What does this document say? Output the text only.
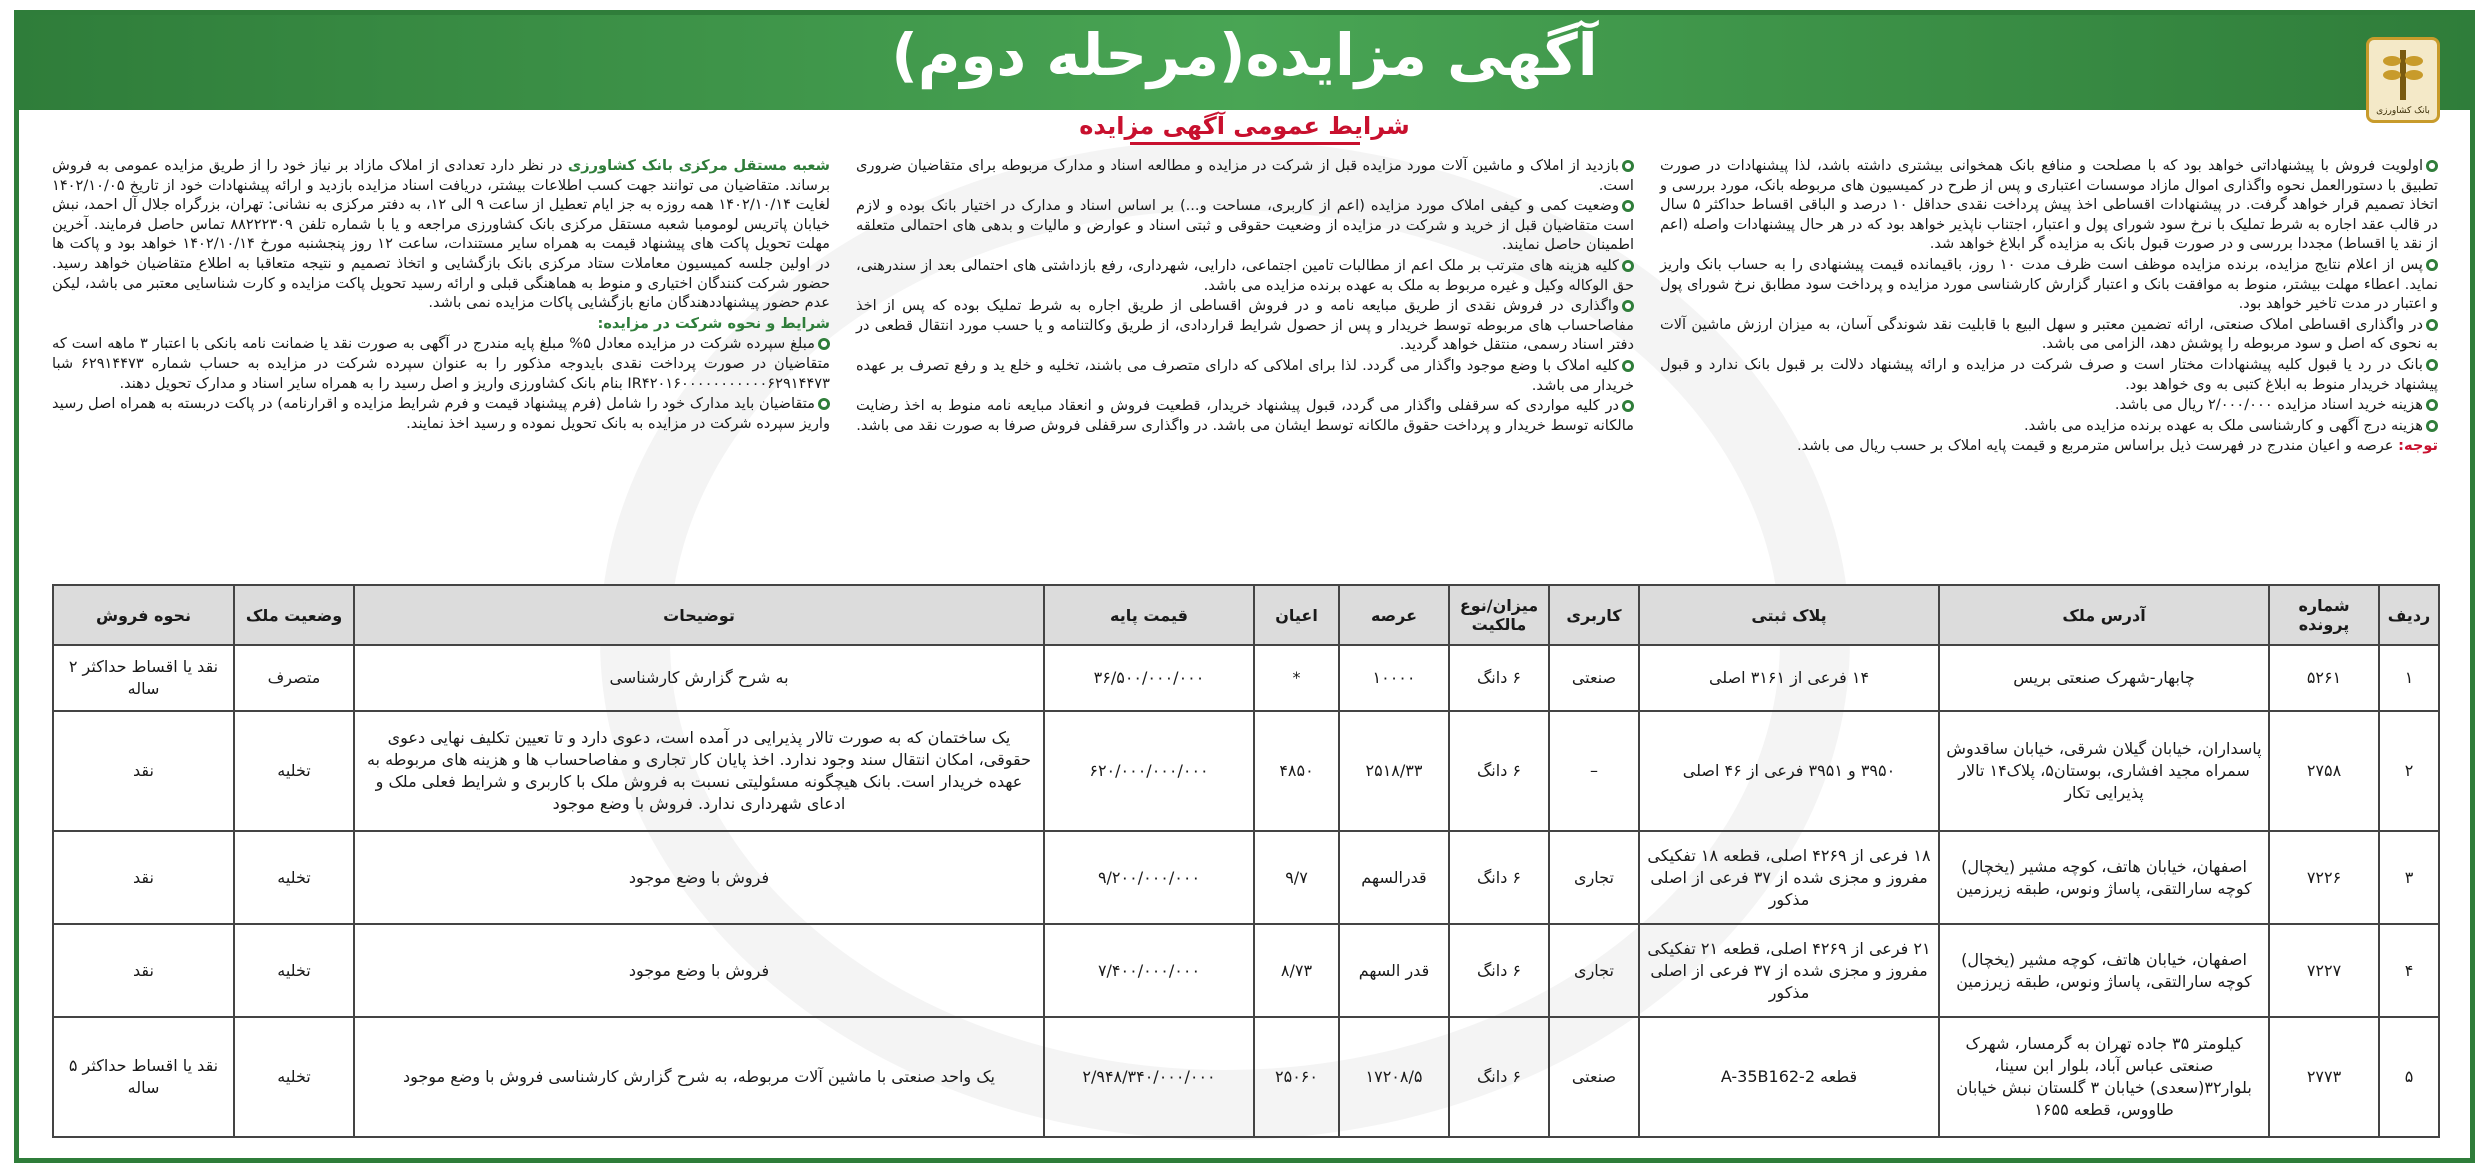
آگهی مزایده(مرحله دوم)
بانک کشاورزی
شرایط عمومی آگهی مزایده

شعبه مستقل مرکزی بانک کشاورزی در نظر دارد تعدادی از املاک مازاد بر نیاز خود را از طریق مزایده عمومی به فروش برساند. متقاضیان می توانند جهت کسب اطلاعات بیشتر، دریافت اسناد مزایده بازدید و ارائه پیشنهادات خود از تاریخ ۱۴۰۲/۱۰/۰۵ لغایت ۱۴۰۲/۱۰/۱۴ همه روزه به جز ایام تعطیل از ساعت ۹ الی ۱۲، به دفتر مرکزی به نشانی: تهران، بزرگراه جلال آل احمد، نبش خیابان پاتریس لومومبا شعبه مستقل مرکزی بانک کشاورزی مراجعه و یا با شماره تلفن ۸۸۲۲۲۳۰۹ تماس حاصل فرمایند. آخرین مهلت تحویل پاکت های پیشنهاد قیمت به همراه سایر مستندات، ساعت ۱۲ روز پنجشنبه مورخ ۱۴۰۲/۱۰/۱۴ خواهد بود و پاکت ها در اولین جلسه کمیسیون معاملات ستاد مرکزی بانک بازگشایی و اتخاذ تصمیم و نتیجه متعاقبا به اطلاع متقاضیان خواهد رسید. حضور شرکت کنندگان اختیاری و منوط به هماهنگی قبلی و ارائه رسید تحویل پاکت مزایده و کارت شناسایی معتبر می باشد، لیکن عدم حضور پیشنهاددهندگان مانع بازگشایی پاکات مزایده نمی باشد.

شرایط و نحوه شرکت در مزایده:

●مبلغ سپرده شرکت در مزایده معادل ۵% مبلغ پایه مندرج در آگهی به صورت نقد یا ضمانت نامه بانکی با اعتبار ۳ ماهه است که متقاضیان در صورت پرداخت نقدی بایدوجه مذکور را به عنوان سپرده شرکت در مزایده به حساب شماره ۶۲۹۱۴۴۷۳ شبا IR۴۲۰۱۶۰۰۰۰۰۰۰۰۰۰۰۶۲۹۱۴۴۷۳ بنام بانک کشاورزی واریز و اصل رسید را به همراه سایر اسناد و مدارک تحویل دهند.

●متقاضیان باید مدارک خود را شامل (فرم پیشنهاد قیمت و فرم شرایط مزایده و اقرارنامه) در پاکت دربسته به همراه اصل رسید واریز سپرده شرکت در مزایده به بانک تحویل نموده و رسید اخذ نمایند.

●بازدید از املاک و ماشین آلات مورد مزایده قبل از شرکت در مزایده و مطالعه اسناد و مدارک مربوطه برای متقاضیان ضروری است.

●وضعیت کمی و کیفی املاک مورد مزایده (اعم از کاربری، مساحت و...) بر اساس اسناد و مدارک در اختیار بانک بوده و لازم است متقاضیان قبل از خرید و شرکت در مزایده از وضعیت حقوقی و ثبتی اسناد و عوارض و مالیات و بدهی های احتمالی متعلقه اطمینان حاصل نمایند.

●کلیه هزینه های مترتب بر ملک اعم از مطالبات تامین اجتماعی، دارایی، شهرداری، رفع بازداشتی های احتمالی بعد از سندرهنی، حق الوکاله وکیل و غیره مربوط به ملک به عهده برنده مزایده می باشد.

●واگذاری در فروش نقدی از طریق مبایعه نامه و در فروش اقساطی از طریق اجاره به شرط تملیک بوده که پس از اخذ مفاصاحساب های مربوطه توسط خریدار و پس از حصول شرایط قراردادی، از طریق وکالتنامه و یا حسب مورد انتقال قطعی در دفتر اسناد رسمی، منتقل خواهد گردید.

●کلیه املاک با وضع موجود واگذار می گردد. لذا برای املاکی که دارای متصرف می باشند، تخلیه و خلع ید و رفع تصرف بر عهده خریدار می باشد.

●در کلیه مواردی که سرقفلی واگذار می گردد، قبول پیشنهاد خریدار، قطعیت فروش و انعقاد مبایعه نامه منوط به اخذ رضایت مالکانه توسط خریدار و پرداخت حقوق مالکانه توسط ایشان می باشد. در واگذاری سرقفلی فروش صرفا به صورت نقد می باشد.

●اولویت فروش با پیشنهاداتی خواهد بود که با مصلحت و منافع بانک همخوانی بیشتری داشته باشد، لذا پیشنهادات در صورت تطبیق با دستورالعمل نحوه واگذاری اموال مازاد موسسات اعتباری و پس از طرح در کمیسیون های مربوطه بانک، مورد بررسی و اتخاذ تصمیم قرار خواهد گرفت. در پیشنهادات اقساطی اخذ پیش پرداخت نقدی حداقل ۱۰ درصد و الباقی اقساط حداکثر ۵ سال در قالب عقد اجاره به شرط تملیک با نرخ سود شورای پول و اعتبار، اجتناب ناپذیر خواهد بود که در هر حال پیشنهادات واصله (اعم از نقد یا اقساط) مجددا بررسی و در صورت قبول بانک به مزایده گر ابلاغ خواهد شد.

●پس از اعلام نتایج مزایده، برنده مزایده موظف است ظرف مدت ۱۰ روز، باقیمانده قیمت پیشنهادی را به حساب بانک واریز نماید. اعطاء مهلت بیشتر، منوط به موافقت بانک و اعتبار گزارش کارشناسی مورد مزایده و پرداخت سود مطابق نرخ شورای پول و اعتبار در مدت تاخیر خواهد بود.

●در واگذاری اقساطی املاک صنعتی، ارائه تضمین معتبر و سهل البیع با قابلیت نقد شوندگی آسان، به میزان ارزش ماشین آلات به نحوی که اصل و سود مربوطه را پوشش دهد، الزامی می باشد.

●بانک در رد یا قبول کلیه پیشنهادات مختار است و صرف شرکت در مزایده و ارائه پیشنهاد دلالت بر قبول بانک ندارد و قبول پیشنهاد خریدار منوط به ابلاغ کتبی به وی خواهد بود.

●هزینه خرید اسناد مزایده ۲/۰۰۰/۰۰۰ ریال می باشد.

●هزینه درج آگهی و کارشناسی ملک به عهده برنده مزایده می باشد.

توجه: عرصه و اعیان مندرج در فهرست ذیل براساس مترمربع و قیمت پایه املاک بر حسب ریال می باشد.

ردیف	شماره پرونده	آدرس ملک	پلاک ثبتی	کاربری	میزان/نوع مالکیت	عرصه	اعیان	قیمت پایه	توضیحات	وضعیت ملک	نحوه فروش
۱	۵۲۶۱	چابهار-شهرک صنعتی بریس	۱۴ فرعی از ۳۱۶۱ اصلی	صنعتی	۶ دانگ	۱۰۰۰۰	*	۳۶/۵۰۰/۰۰۰/۰۰۰	به شرح گزارش کارشناسی	متصرف	نقد یا اقساط حداکثر ۲ ساله
۲	۲۷۵۸	پاسداران، خیابان گیلان شرقی، خیابان ساقدوش سمراه مجید افشاری، بوستان۵، پلاک۱۴ تالار پذیرایی تکار	۳۹۵۰ و ۳۹۵۱ فرعی از ۴۶ اصلی	–	۶ دانگ	۲۵۱۸/۳۳	۴۸۵۰	۶۲۰/۰۰۰/۰۰۰/۰۰۰	یک ساختمان که به صورت تالار پذیرایی در آمده است، دعوی دارد و تا تعیین تکلیف نهایی دعوی حقوقی، امکان انتقال سند وجود ندارد. اخذ پایان کار تجاری و مفاصاحساب ها و هزینه های مربوطه به عهده خریدار است. بانک هیچگونه مسئولیتی نسبت به فروش ملک با کاربری و شرایط فعلی ملک و ادعای شهرداری ندارد. فروش با وضع موجود	تخلیه	نقد
۳	۷۲۲۶	اصفهان، خیابان هاتف، کوچه مشیر (یخچال) کوچه سارالتقی، پاساژ ونوس، طبقه زیرزمین	۱۸ فرعی از ۴۲۶۹ اصلی، قطعه ۱۸ تفکیکی مفروز و مجزی شده از ۳۷ فرعی از اصلی مذکور	تجاری	۶ دانگ	قدرالسهم	۹/۷	۹/۲۰۰/۰۰۰/۰۰۰	فروش با وضع موجود	تخلیه	نقد
۴	۷۲۲۷	اصفهان، خیابان هاتف، کوچه مشیر (یخچال) کوچه سارالتقی، پاساژ ونوس، طبقه زیرزمین	۲۱ فرعی از ۴۲۶۹ اصلی، قطعه ۲۱ تفکیکی مفروز و مجزی شده از ۳۷ فرعی از اصلی مذکور	تجاری	۶ دانگ	قدر السهم	۸/۷۳	۷/۴۰۰/۰۰۰/۰۰۰	فروش با وضع موجود	تخلیه	نقد
۵	۲۷۷۳	کیلومتر ۳۵ جاده تهران به گرمسار، شهرک صنعتی عباس آباد، بلوار ابن سینا، بلوار۳۲(سعدی) خیابان ۳ گلستان نبش خیابان طاووس، قطعه ۱۶۵۵	قطعه A-35B162-2	صنعتی	۶ دانگ	۱۷۲۰۸/۵	۲۵۰۶۰	۲/۹۴۸/۳۴۰/۰۰۰/۰۰۰	یک واحد صنعتی با ماشین آلات مربوطه، به شرح گزارش کارشناسی فروش با وضع موجود	تخلیه	نقد یا اقساط حداکثر ۵ ساله
